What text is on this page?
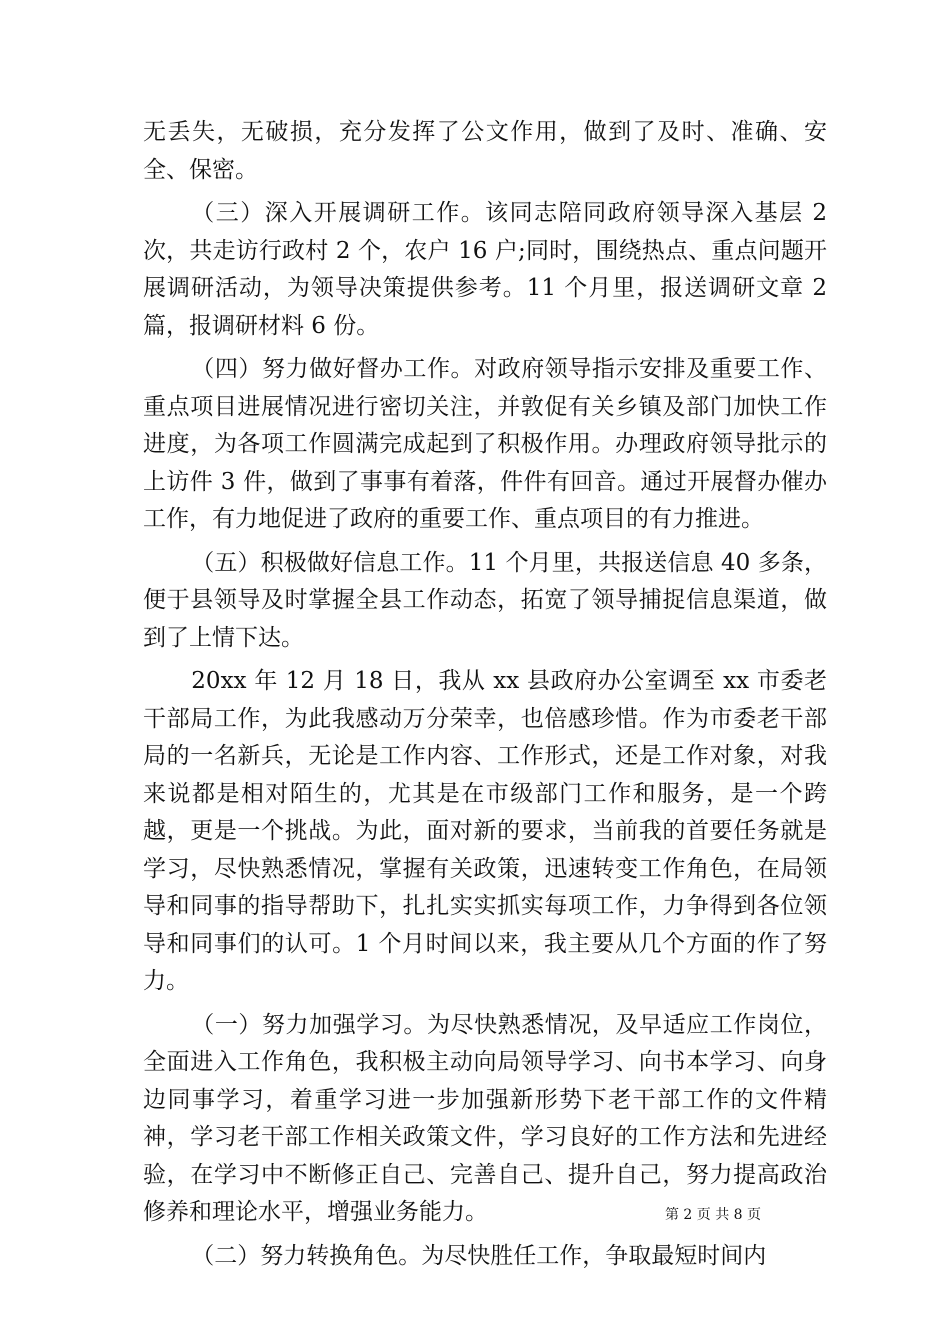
无丢失，无破损，充分发挥了公文作用，做到了及时、准确、安全、保密。

（三）深入开展调研工作。该同志陪同政府领导深入基层 2 次，共走访行政村 2 个，农户 16 户;同时，围绕热点、重点问题开展调研活动，为领导决策提供参考。11 个月里，报送调研文章 2 篇，报调研材料 6 份。

（四）努力做好督办工作。对政府领导指示安排及重要工作、重点项目进展情况进行密切关注，并敦促有关乡镇及部门加快工作进度，为各项工作圆满完成起到了积极作用。办理政府领导批示的上访件 3 件，做到了事事有着落，件件有回音。通过开展督办催办工作，有力地促进了政府的重要工作、重点项目的有力推进。

（五）积极做好信息工作。11 个月里，共报送信息 40 多条，便于县领导及时掌握全县工作动态，拓宽了领导捕捉信息渠道，做到了上情下达。

20xx 年 12 月 18 日，我从 xx 县政府办公室调至 xx 市委老干部局工作，为此我感动万分荣幸，也倍感珍惜。作为市委老干部局的一名新兵，无论是工作内容、工作形式，还是工作对象，对我来说都是相对陌生的，尤其是在市级部门工作和服务，是一个跨越，更是一个挑战。为此，面对新的要求，当前我的首要任务就是学习，尽快熟悉情况，掌握有关政策，迅速转变工作角色，在局领导和同事的指导帮助下，扎扎实实抓实每项工作，力争得到各位领导和同事们的认可。1 个月时间以来，我主要从几个方面的作了努力。

（一）努力加强学习。为尽快熟悉情况，及早适应工作岗位，全面进入工作角色，我积极主动向局领导学习、向书本学习、向身边同事学习，着重学习进一步加强新形势下老干部工作的文件精神，学习老干部工作相关政策文件，学习良好的工作方法和先进经验，在学习中不断修正自己、完善自己、提升自己，努力提高政治修养和理论水平，增强业务能力。

（二）努力转换角色。为尽快胜任工作，争取最短时间内

第 2 页 共 8 页
